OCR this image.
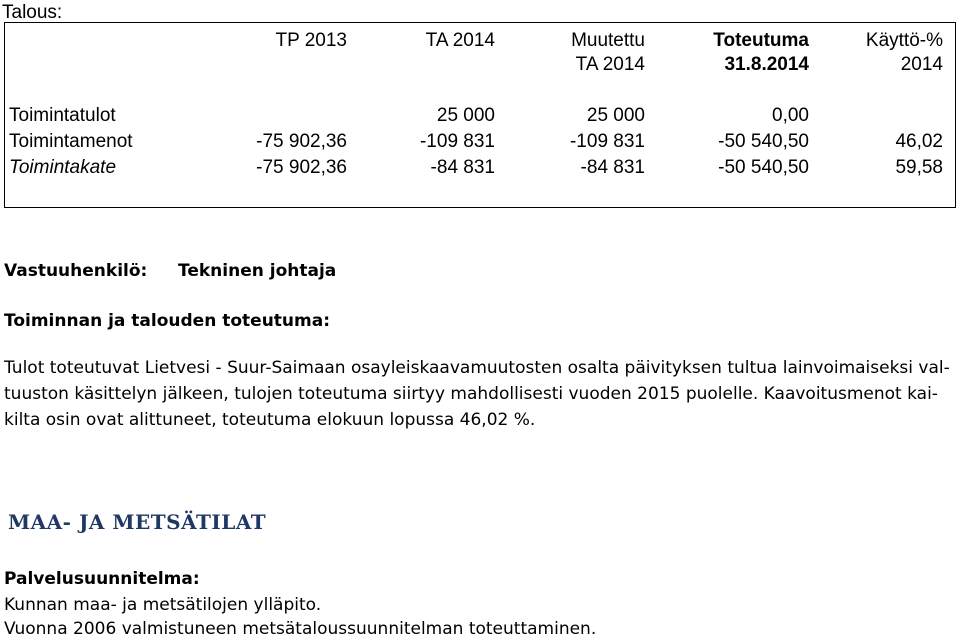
Talous:
TP 2013	TA 2014	Muutettu
TA 2014
Toteutuma
31.8.2014
Käyttö-%
2014
Toimintatulot
Toimintamenot
Toimintakate
-75 902,36
-75 902,36
25 000
-109 831
-84 831
25 000
-109 831
-84 831
0,00
-50 540,50
-50 540,50
46,02
59,58
Vastuuhenkilö: Tekninen johtaja
Toiminnan ja talouden toteutuma:
Tulot toteutuvat Lietvesi - Suur-Saimaan osayleiskaavamuutosten osalta päivityksen tultua lainvoimaiseksi val-
tuuston käsittelyn jälkeen, tulojen toteutuma siirtyy mahdollisesti vuoden 2015 puolelle. Kaavoitusmenot kai-
kilta osin ovat alittuneet, toteutuma elokuun lopussa 46,02 %.
MAA- JA METSÄTILAT
Palvelusuunnitelma:
Kunnan maa- ja metsätilojen ylläpito.
Vuonna 2006 valmistuneen metsätaloussuunnitelman toteuttaminen.
